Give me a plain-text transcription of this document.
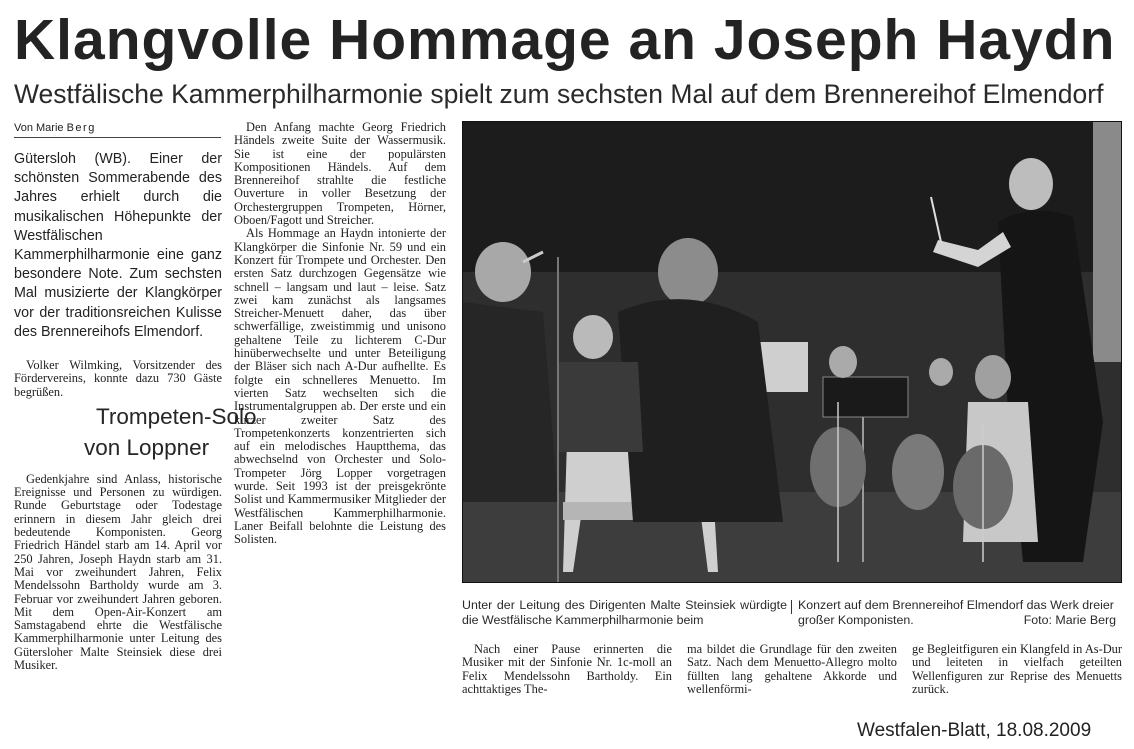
Klangvolle Hommage an Joseph Haydn
Westfälische Kammerphilharmonie spielt zum sechsten Mal auf dem Brennereihof Elmendorf
Von Marie Berg
Gütersloh (WB). Einer der schönsten Sommerabende des Jahres erhielt durch die musikalischen Höhepunkte der Westfälischen Kammerphilharmonie eine ganz besondere Note. Zum sechsten Mal musizierte der Klangkörper vor der traditionsreichen Kulisse des Brennereihofs Elmendorf.

Volker Wilmking, Vorsitzender des Fördervereins, konnte dazu 730 Gäste begrüßen.

Trompeten-Solo
von Loppner
Gedenkjahre sind Anlass, historische Ereignisse und Personen zu würdigen. Runde Geburtstage oder Todestage erinnern in diesem Jahr gleich drei bedeutende Komponisten. Georg Friedrich Händel starb am 14. April vor 250 Jahren, Joseph Haydn starb am 31. Mai vor zweihundert Jahren, Felix Mendelssohn Bartholdy wurde am 3. Februar vor zweihundert Jahren geboren. Mit dem Open-Air-Konzert am Samstagabend ehrte die Westfälische Kammerphilharmonie unter Leitung des Gütersloher Malte Steinsiek diese drei Musiker.

Den Anfang machte Georg Friedrich Händels zweite Suite der Wassermusik. Sie ist eine der populärsten Kompositionen Händels. Auf dem Brennereihof strahlte die festliche Ouverture in voller Besetzung der Orchestergruppen Trompeten, Hörner, Oboen/Fagott und Streicher.

Als Hommage an Haydn intonierte der Klangkörper die Sinfonie Nr. 59 und ein Konzert für Trompete und Orchester. Den ersten Satz durchzogen Gegensätze wie schnell – langsam und laut – leise. Satz zwei kam zunächst als langsames Streicher-Menuett daher, das über schwerfällige, zweistimmig und unisono gehaltene Teile zu lichterem C-Dur hinüberwechselte und unter Beteiligung der Bläser sich nach A-Dur aufhellte. Es folgte ein schnelleres Menuetto. Im vierten Satz wechselten sich die Instrumentalgruppen ab. Der erste und ein kurzer zweiter Satz des Trompetenkonzerts konzentrierten sich auf ein melodisches Hauptthema, das abwechselnd von Orchester und Solo-Trompeter Jörg Lopper vorgetragen wurde. Seit 1993 ist der preisgekrönte Solist und Kammermusiker Mitglieder der Westfälischen Kammerphilharmonie. Laner Beifall belohnte die Leistung des Solisten.

Unter der Leitung des Dirigenten Malte Steinsiek würdigte die Westfälische Kammerphilharmonie beim
Konzert auf dem Brennereihof Elmendorf das Werk dreier großer Komponisten.	Foto: Marie Berg

Nach einer Pause erinnerten die Musiker mit der Sinfonie Nr. 1c-moll an Felix Mendelssohn Bartholdy. Ein achttaktiges The-

ma bildet die Grundlage für den zweiten Satz. Nach dem Menuetto-Allegro molto füllten lang gehaltene Akkorde und wellenförmi-

ge Begleitfiguren ein Klangfeld in As-Dur und leiteten in vielfach geteilten Wellenfiguren zur Reprise des Menuetts zurück.

Westfalen-Blatt, 18.08.2009
